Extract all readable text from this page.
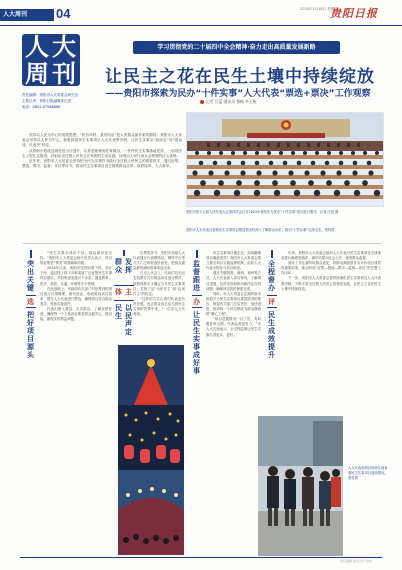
人大周刊	04	2024年1月18日 星期四
贵阳日报
人 大
周 刊
责任编辑：贵阳市人大常委会研究室
主要记者：贵阳日报融媒体记者
电话：0851-87988888
学习贯彻党的二十届四中全会精神·奋力走出高质量发展新路
让民主之花在民生土壤中持续绽放
——贵阳市探索为民办“十件实事”人大代表“票选+票决”工作观察
记者 汪蓝 通讯员 黎畅 李玉彬

坚持以人民为中心的发展思想，“民有所呼，我有所应”是人民群众最朴素的期待。贵阳市人大常委会坚持以人民为中心，积极探索民生实事项目人大代表票决制，让民生实事从“政府定”向“群众选、代表决”转变。

从背街小巷改造到老旧小区提升，从养老助餐到托育服务，一件件民生实事落地见效，一项项民生工程扎实推进，折射出全过程人民民主在贵阳的生动实践，体现出人民代表大会制度的巨大优势。

近年来，贵阳市人大常委会坚持把为民办实事作为践行全过程人民民主的重要抓手，通过征集、票选、票决、监督、评议等环节，推动民生实事项目真正做到群众点单、政府接单、人大督单。

贵阳市第十五届人民代表大会第四次会议对2024年贵阳市为民办“十件实事”项目进行票决。记者 汪蓝 摄
贵阳市人大代表在视察民生实事项目推进情况时深入了解群众诉求，推动“十件实事”走深走实。资料图
突出关键
选
把好项目源头

“民生实事办得好不好，群众最有发言权。”贵阳市人大常委会相关负责人表示，项目的征集是“票决”的基础和前提。

2024年以来，贵阳市坚持问需于民、问计于民，通过线上线下多种渠道广泛征集民生实事项目建议，共收集意见建议千余条，涵盖教育、医疗、养老、交通、环境等多个领域。

在此基础上，市政府有关部门对征集到的项目进行归纳梳理、研究论证，形成候选项目清单，提交人大代表进行票选，确保项目符合群众需求、具备实施条件。

代表们深入基层，走访群众，了解民情民意，确保每一个入选项目都是群众最关心、最直接、最现实的利益问题。

发挥群众
主体
以民声定民生

在票选环节，贵阳市各级人大代表通过代表联络站、网络平台等方式广泛听取选民意见，把群众最急最忧最盼的事项选出来。

在市人代会上，代表们以无记名投票方式对候选项目进行票决，按照得票多少确定当年民生实事项目，实现了从“为民作主”到“由民作主”的转变。

“这样的方式让我们代表更有责任感，也让群众真正参与到民生实事的决策中来。”一位市人大代表说。

监督跟进
办
让民生实事成好事

民生实事项目确定后，如何确保项目落地见效？贵阳市人大常委会建立健全项目实施监督机制，组织人大代表全程参与项目推进。

通过专题视察、调研、询问等方式，人大代表深入项目现场，了解项目进展，及时发现和推动解决存在的问题，确保项目按时保质完成。

同时，市人大常委会定期听取市政府关于民生实事项目推进情况的报告，督促有关部门压实责任、加快进度，推动每一个项目都成为群众满意的“暖心工程”。

“项目进展情况一目了然，有问题及时反馈，代表监督更有力。”市人大代表表示，全过程监督让民生实事办得更实、更好。

全程督办
评
民生成效提升

年终，贵阳市人大常委会组织人大代表对民生实事项目完成情况进行满意度测评，测评结果向社会公开，接受群众监督。

测评工作注重听取群众意见，将群众满意度作为评价项目成效的重要标准，推动形成“征集—票选—票决—监督—评议”的完整工作闭环。

下一步，贵阳市人大常委会将持续深化民生实事项目人大代表票决制，不断丰富全过程人民民主的贵阳实践，让民主之花在民生土壤中持续绽放。

人大代表到项目现场实地查看民生实事项目建设情况。资料图
责任编辑 版式设计 校对
